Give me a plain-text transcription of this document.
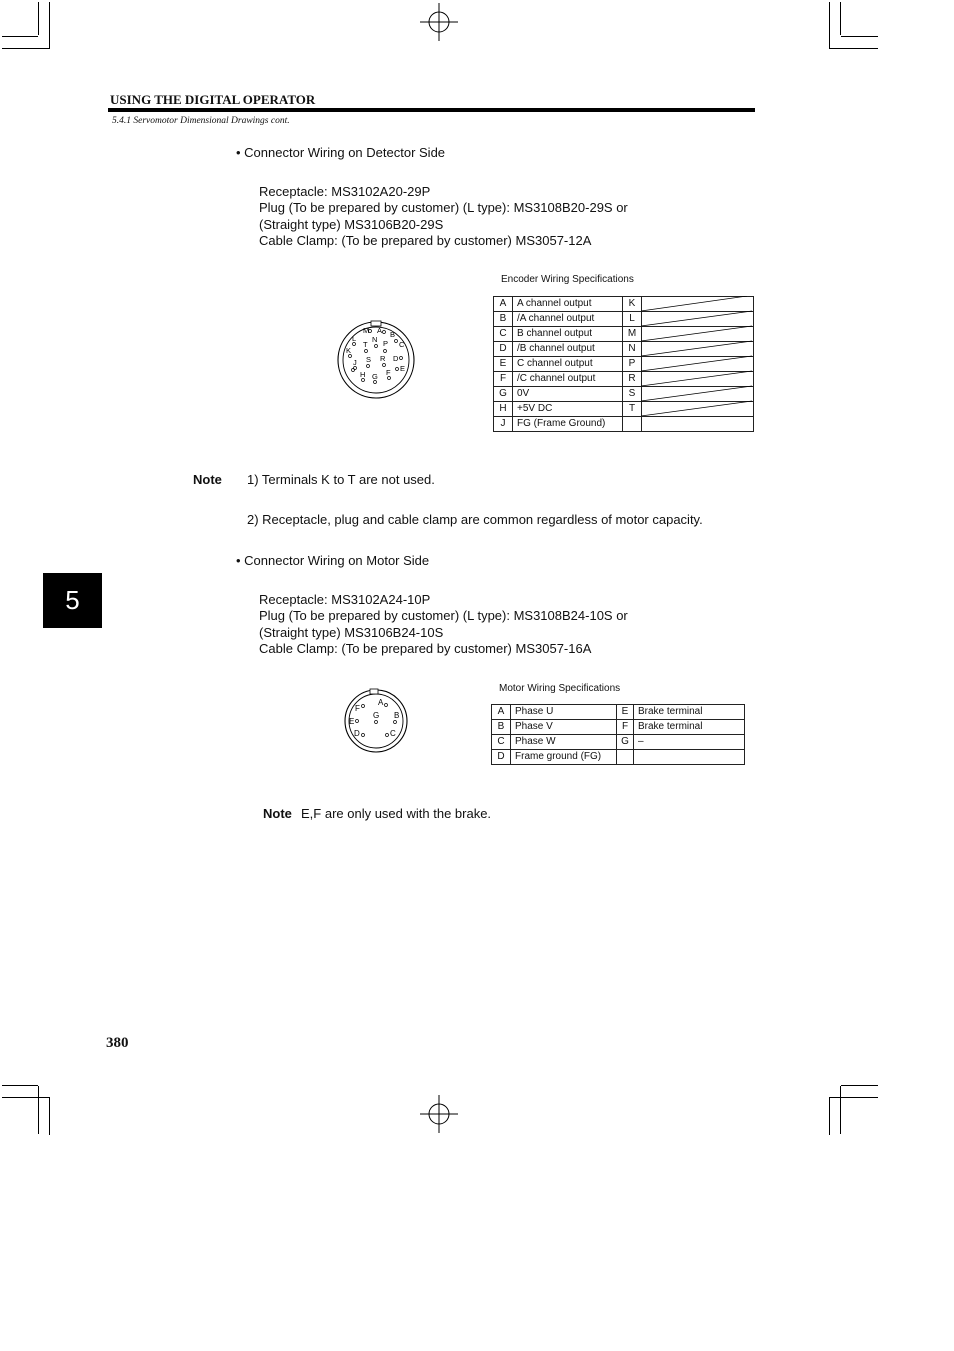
USING THE DIGITAL OPERATOR
5.4.1 Servomotor Dimensional Drawings cont.
• Connector Wiring on Detector Side
Receptacle: MS3102A20-29P
Plug (To be prepared by customer) (L type): MS3108B20-29S or
(Straight type) MS3106B20-29S
Cable Clamp: (To be prepared by customer) MS3057-12A
Encoder Wiring Specifications
M A B
L
T
N P C
K
S R D
J
E
H G F
A	A channel output	K	
B	/A channel output	L	
C	B channel output	M	
D	/B channel output	N	
E	C channel output	P	
F	/C channel output	R	
G	0V	S	
H	+5V DC	T	
J	FG (Frame Ground)		
Note 1) Terminals K to T are not used.
2) Receptacle, plug and cable clamp are common regardless of motor capacity.
5
• Connector Wiring on Motor Side
Receptacle: MS3102A24-10P
Plug (To be prepared by customer) (L type): MS3108B24-10S or
(Straight type) MS3106B24-10S
Cable Clamp: (To be prepared by customer) MS3057-16A
Motor Wiring Specifications
A
F
G B
E
D	C
A	Phase U	E	Brake terminal
B	Phase V	F	Brake terminal
C	Phase W	G	–
D	Frame ground (FG)		
Note E,F are only used with the brake.
380
